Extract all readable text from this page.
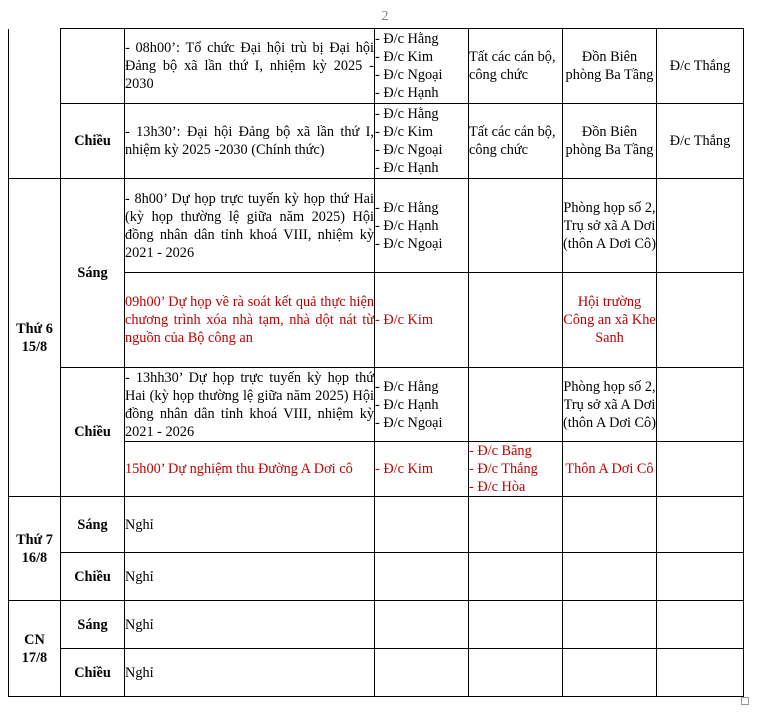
2
		- 08h00’: Tổ chức Đại hội trù bị Đại hội Đảng bộ xã lần thứ I, nhiệm kỳ 2025 - 2030	- Đ/c Hằng
- Đ/c Kim
- Đ/c Ngoại
- Đ/c Hạnh	Tất các cán bộ, công chức	Đồn Biên phòng Ba Tầng	Đ/c Thắng
	Chiều	- 13h30’: Đại hội Đảng bộ xã lần thứ I, nhiệm kỳ 2025 -2030 (Chính thức)	- Đ/c Hằng
- Đ/c Kim
- Đ/c Ngoại
- Đ/c Hạnh	Tất các cán bộ, công chức	Đồn Biên phòng Ba Tầng	Đ/c Thắng

Thứ 6
15/8	Sáng	- 8h00’ Dự họp trực tuyến kỳ họp thứ Hai (kỳ họp thường lệ giữa năm 2025) Hội đồng nhân dân tỉnh khoá VIII, nhiệm kỳ 2021 - 2026	- Đ/c Hằng
- Đ/c Hạnh
- Đ/c Ngoại		Phòng họp số 2, Trụ sở xã A Dơi (thôn A Dơi Cô)	
		09h00’ Dự họp về rà soát kết quả thực hiện chương trình xóa nhà tạm, nhà dột nát từ nguồn của Bộ công an	- Đ/c Kim		Hội trường Công an xã Khe Sanh	
	Chiều	- 13hh30’ Dự họp trực tuyến kỳ họp thứ Hai (kỳ họp thường lệ giữa năm 2025) Hội đồng nhân dân tỉnh khoá VIII, nhiệm kỳ 2021 - 2026	- Đ/c Hằng
- Đ/c Hạnh
- Đ/c Ngoại		Phòng họp số 2, Trụ sở xã A Dơi (thôn A Dơi Cô)	
		15h00’ Dự nghiệm thu Đường A Dơi cô	- Đ/c Kim	- Đ/c Băng
- Đ/c Thắng
- Đ/c Hòa	Thôn A Dơi Cô	

Thứ 7
16/8	Sáng	Nghỉ				
	Chiều	Nghỉ				

CN
17/8	Sáng	Nghỉ				
	Chiều	Nghỉ				
